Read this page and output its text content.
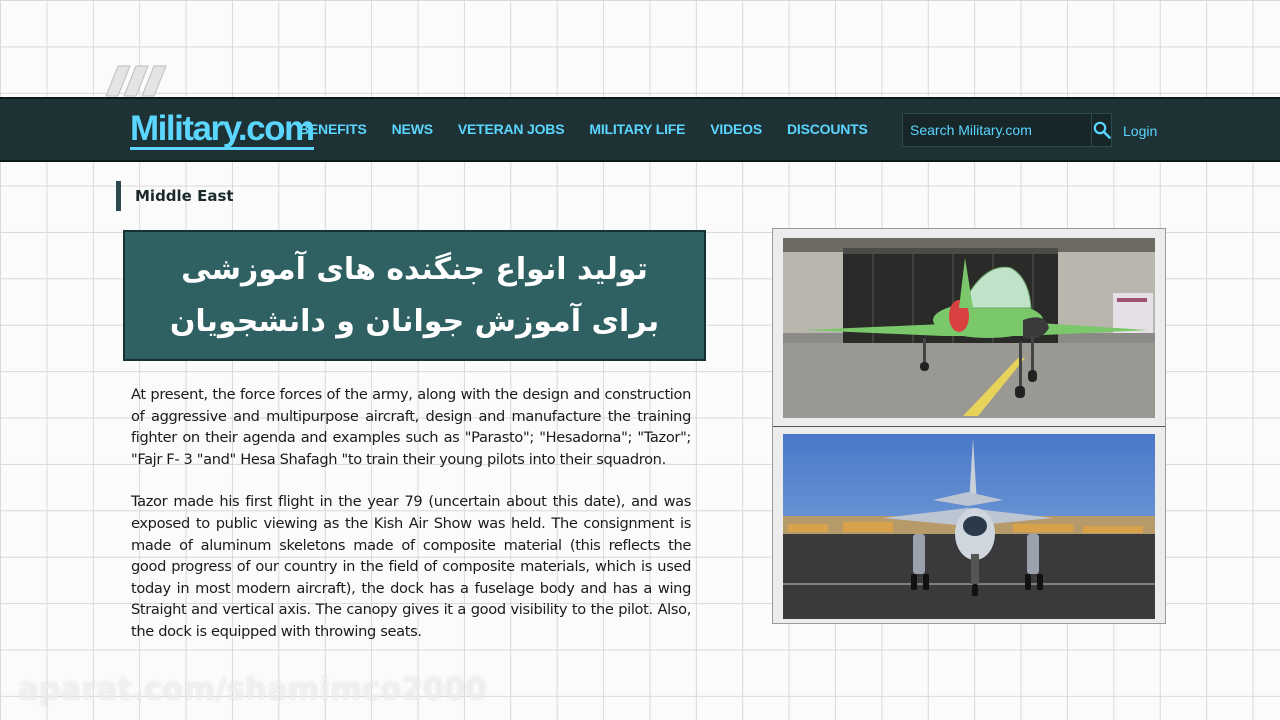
Military.com
BENEFITS NEWS VETERAN JOBS MILITARY LIFE VIDEOS DISCOUNTS
Search Military.com	Login
Middle East
تولید انواع جنگنده های آموزشی
برای آموزش جوانان و دانشجویان

At present, the force forces of the army, along with the design and construction of aggressive and multipurpose aircraft, design and manufacture the training fighter on their agenda and examples such as "Parasto"; "Hesadorna"; "Tazor"; "Fajr F- 3 "and" Hesa Shafagh "to train their young pilots into their squadron.

Tazor made his first flight in the year 79 (uncertain about this date), and was exposed to public viewing as the Kish Air Show was held. The consignment is made of aluminum skeletons made of composite material (this reflects the good progress of our country in the field of composite materials, which is used today in most modern aircraft), the dock has a fuselage body and has a wing Straight and vertical axis. The canopy gives it a good visibility to the pilot. Also, the dock is equipped with throwing seats.

aparat.com/shamimco2000
